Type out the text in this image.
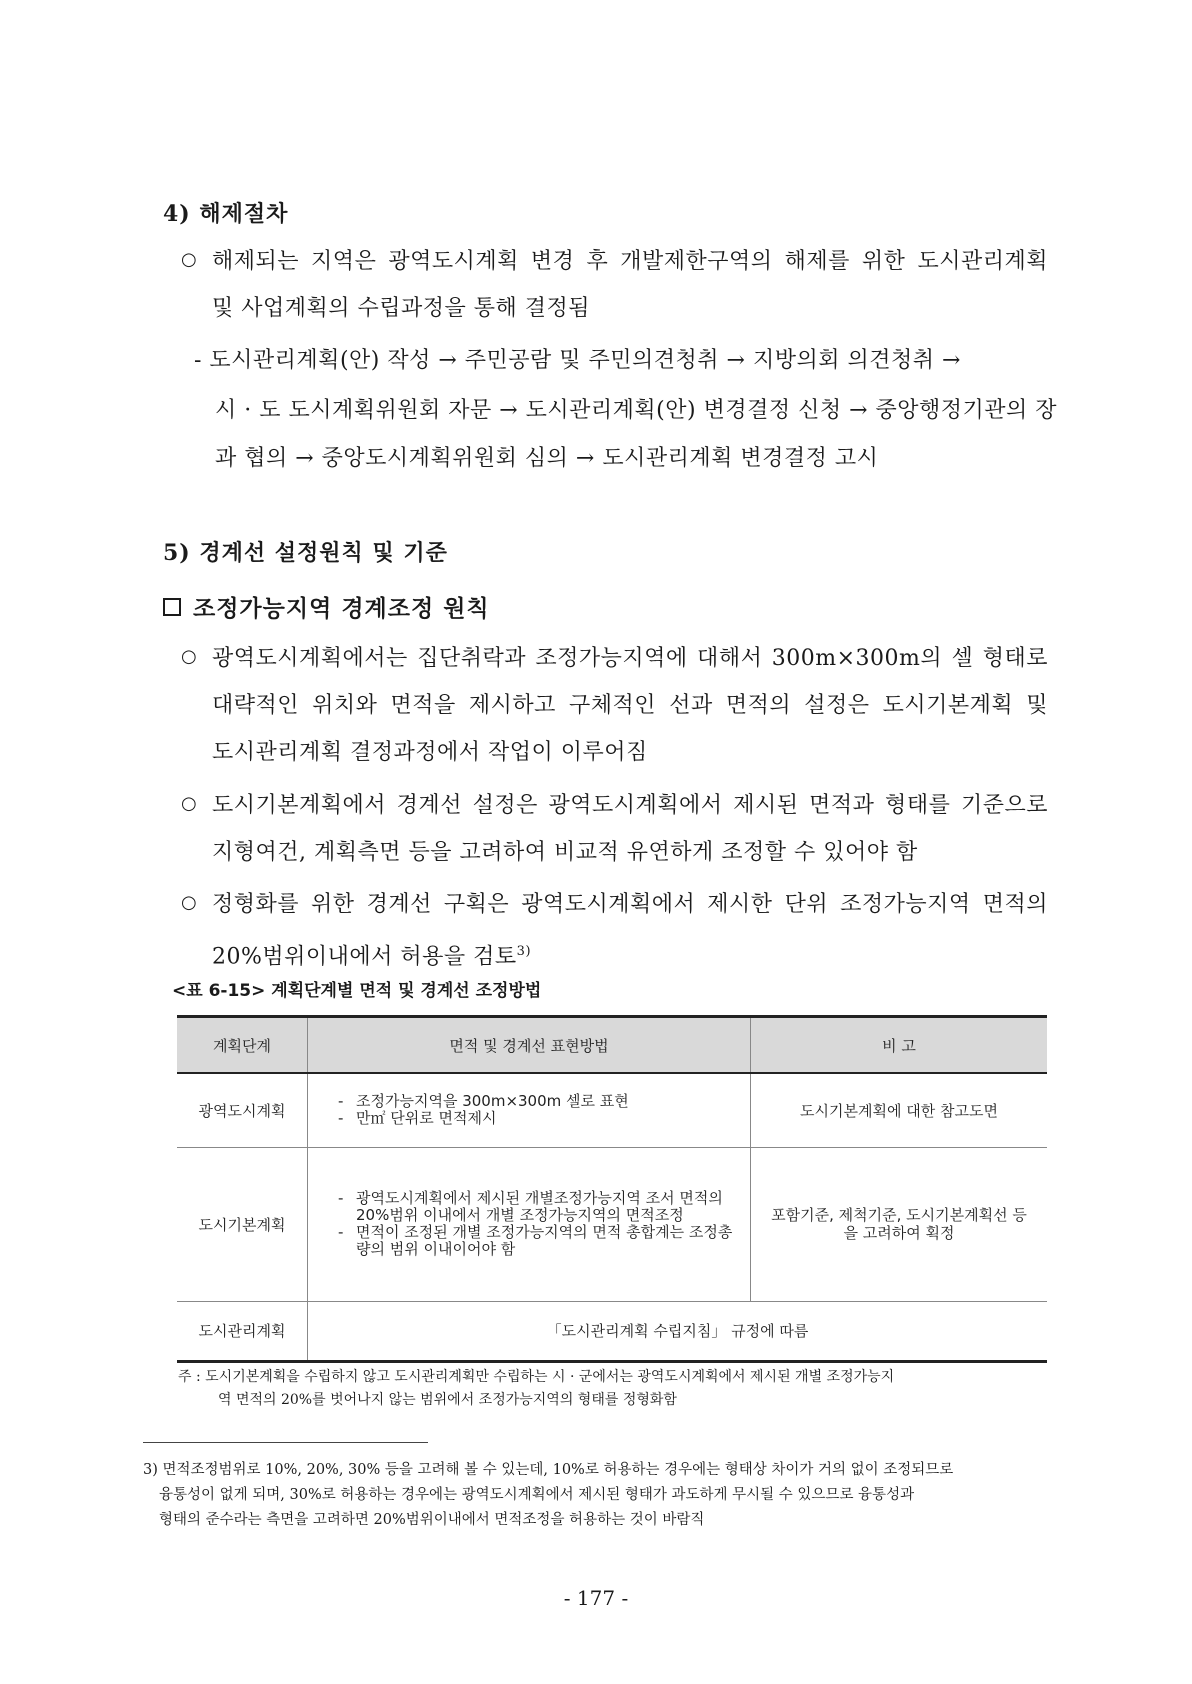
4) 해제절차
○ 해제되는 지역은 광역도시계획 변경 후 개발제한구역의 해제를 위한 도시관리계획
및 사업계획의 수립과정을 통해 결정됨
- 도시관리계획(안) 작성 → 주민공람 및 주민의견청취 → 지방의회 의견청취 →
시 · 도 도시계획위원회 자문 → 도시관리계획(안) 변경결정 신청 → 중앙행정기관의 장
과 협의 → 중앙도시계획위원회 심의 → 도시관리계획 변경결정 고시
5) 경계선 설정원칙 및 기준
조정가능지역 경계조정 원칙
○ 광역도시계획에서는 집단취락과 조정가능지역에 대해서 300m×300m의 셀 형태로
대략적인 위치와 면적을 제시하고 구체적인 선과 면적의 설정은 도시기본계획 및
도시관리계획 결정과정에서 작업이 이루어짐
○ 도시기본계획에서 경계선 설정은 광역도시계획에서 제시된 면적과 형태를 기준으로
지형여건, 계획측면 등을 고려하여 비교적 유연하게 조정할 수 있어야 함
○ 정형화를 위한 경계선 구획은 광역도시계획에서 제시한 단위 조정가능지역 면적의
20%범위이내에서 허용을 검토$^{3)}$
<표 6-15> 계획단계별 면적 및 경계선 조정방법
계획단계	면적 및 경계선 표현방법	비 고
광역도시계획	- 조정가능지역을 300m×300m 셀로 표현
- 만㎡ 단위로 면적제시	도시기본계획에 대한 참고도면
도시기본계획	- 광역도시계획에서 제시된 개별조정가능지역 조서 면적의 20%범위 이내에서 개별 조정가능지역의 면적조정
- 면적이 조정된 개별 조정가능지역의 면적 총합계는 조정총량의 범위 이내이어야 함	포함기준, 제척기준, 도시기본계획선 등을 고려하여 획정
도시관리계획	「도시관리계획 수립지침」 규정에 따름	
주 : 도시기본계획을 수립하지 않고 도시관리계획만 수립하는 시 · 군에서는 광역도시계획에서 제시된 개별 조정가능지
역 면적의 20%를 벗어나지 않는 범위에서 조정가능지역의 형태를 정형화함
3) 면적조정범위로 10%, 20%, 30% 등을 고려해 볼 수 있는데, 10%로 허용하는 경우에는 형태상 차이가 거의 없이 조정되므로
융통성이 없게 되며, 30%로 허용하는 경우에는 광역도시계획에서 제시된 형태가 과도하게 무시될 수 있으므로 융통성과
형태의 준수라는 측면을 고려하면 20%범위이내에서 면적조정을 허용하는 것이 바람직
- 177 -
